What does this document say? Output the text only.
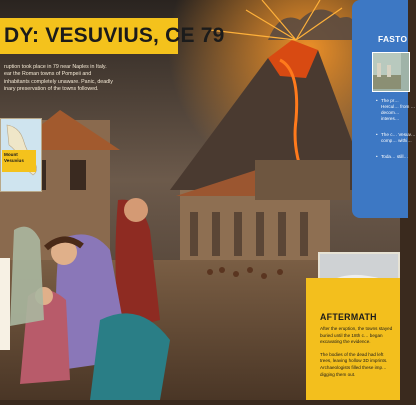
DY: VESUVIUS, CE 79

ruption took place in 79 near Naples in Italy.

ear the Roman towns of Pompeii and

inhabitants completely unaware. Panic, deadly

inary preservation of the towns followed.

Mount
Vesuvius
FASTO
• The pr… Hercul… from … decom… interes…
• The c… Vesuv… comp… withi…
• Toda… still…
AFTERMATH

After the eruption, the towns stayed buried until the 18th c… began excavating the evidence.

The bodies of the dead had left trees, leaving hollow 3D imprints. Archaeologists filled these imp… digging them out.
